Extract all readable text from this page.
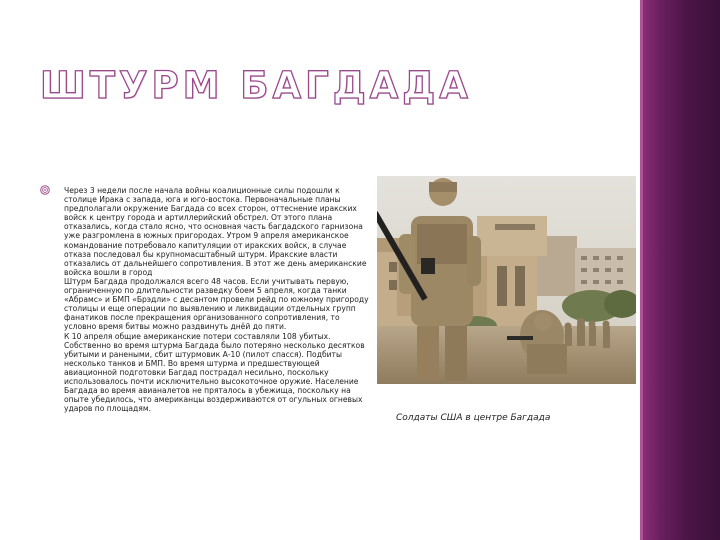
ШТУРМ БАГДАДА

Через 3 недели после начала войны коалиционные силы подошли к столице Ирака с запада, юга и юго-востока. Первоначальные планы предполагали окружение Багдада со всех сторон, оттеснение иракских войск к центру города и артиллерийский обстрел. От этого плана отказались, когда стало ясно, что основная часть багдадского гарнизона уже разгромлена в южных пригородах. Утром 9 апреля американское командование потребовало капитуляции от иракских войск, в случае отказа последовал бы крупномасштабный штурм. Иракские власти отказались от дальнейшего сопротивления. В этот же день американские войска вошли в город

Штурм Багдада продолжался всего 48 часов. Если учитывать первую, ограниченную по длительности разведку боем 5 апреля, когда танки «Абрамс» и БМП «Брэдли» с десантом провели рейд по южному пригороду столицы и еще операции по выявлению и ликвидации отдельных групп фанатиков после прекращения организованного сопротивления, то условно время битвы можно раздвинуть днёй до пяти.

К 10 апреля общие американские потери составляли 108 убитых. Собственно во время штурма Багдада было потеряно несколько десятков убитыми и ранеными, сбит штурмовик А-10 (пилот спасся). Подбиты несколько танков и БМП. Во время штурма и предшествующей авиационной подготовки Багдад пострадал несильно, поскольку использовалось почти исключительно высокоточное оружие. Население Багдада во время авианалетов не пряталось в убежища, поскольку на опыте убедилось, что американцы воздерживаются от огульных огневых ударов по площадям.

Солдаты США в центре Багдада
